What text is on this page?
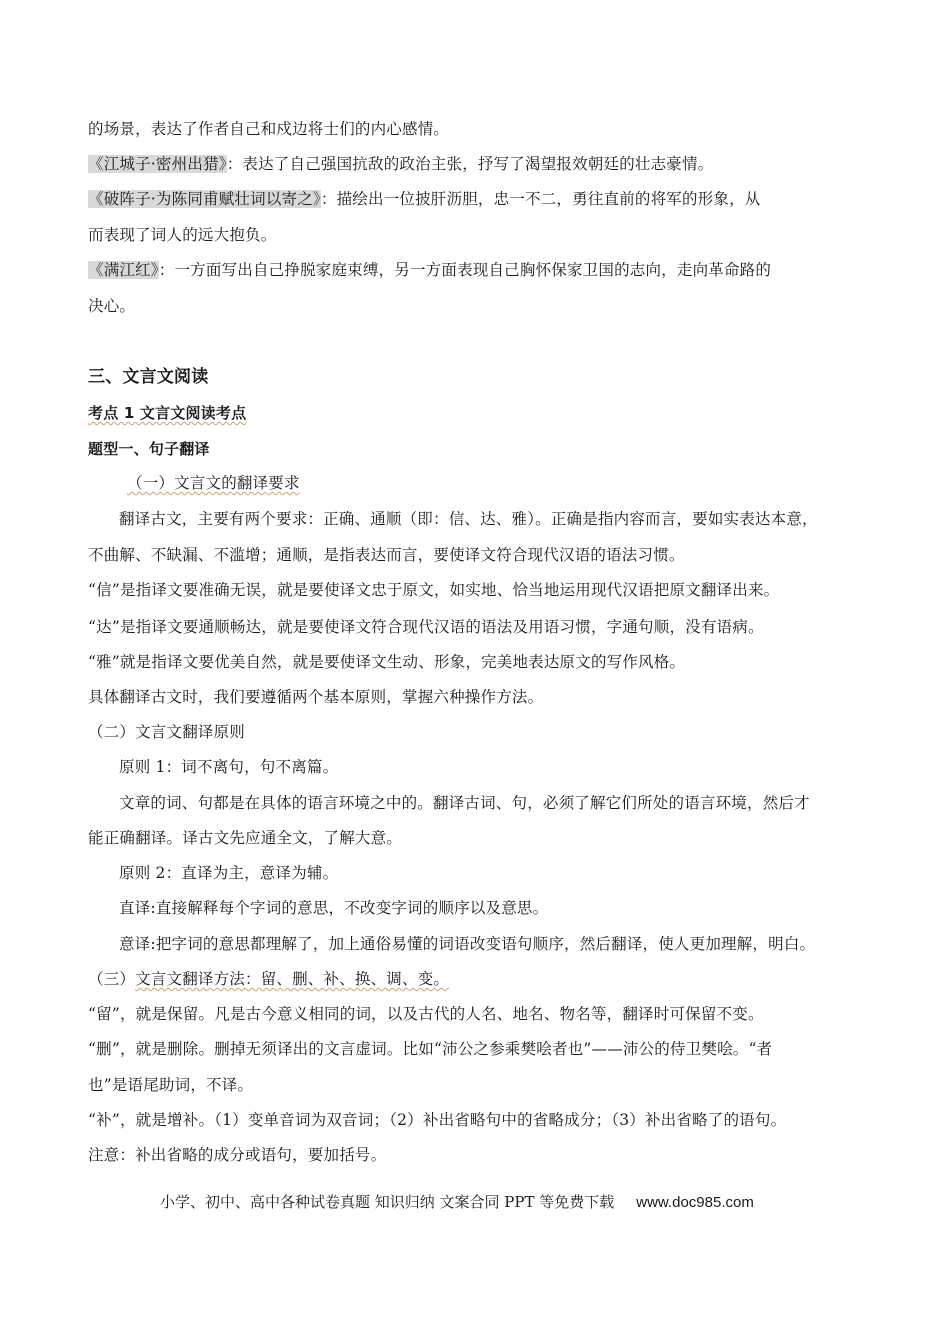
的场景，表达了作者自己和戍边将士们的内心感情。
《江城子·密州出猎》：表达了自己强国抗敌的政治主张，抒写了渴望报效朝廷的壮志豪情。
《破阵子·为陈同甫赋壮词以寄之》：描绘出一位披肝沥胆，忠一不二，勇往直前的将军的形象，从
而表现了词人的远大抱负。
《满江红》：一方面写出自己挣脱家庭束缚，另一方面表现自己胸怀保家卫国的志向，走向革命路的
决心。
三、文言文阅读
考点 1 文言文阅读考点
题型一、句子翻译
（一）文言文的翻译要求
翻译古文，主要有两个要求：正确、通顺（即：信、达、雅）。正确是指内容而言，要如实表达本意，
不曲解、不缺漏、不滥增；通顺，是指表达而言，要使译文符合现代汉语的语法习惯。
“信”是指译文要准确无误，就是要使译文忠于原文，如实地、恰当地运用现代汉语把原文翻译出来。
“达”是指译文要通顺畅达，就是要使译文符合现代汉语的语法及用语习惯，字通句顺，没有语病。
“雅”就是指译文要优美自然，就是要使译文生动、形象，完美地表达原文的写作风格。
具体翻译古文时，我们要遵循两个基本原则，掌握六种操作方法。
（二）文言文翻译原则
原则 1：词不离句，句不离篇。
文章的词、句都是在具体的语言环境之中的。翻译古词、句，必须了解它们所处的语言环境，然后才
能正确翻译。译古文先应通全文，了解大意。
原则 2：直译为主，意译为辅。
直译:直接解释每个字词的意思，不改变字词的顺序以及意思。
意译:把字词的意思都理解了，加上通俗易懂的词语改变语句顺序，然后翻译，使人更加理解，明白。
（三）文言文翻译方法：留、删、补、换、调、变。
“留”，就是保留。凡是古今意义相同的词，以及古代的人名、地名、物名等，翻译时可保留不变。
“删”，就是删除。删掉无须译出的文言虚词。比如“沛公之参乘樊哙者也”——沛公的侍卫樊哙。“者
也”是语尾助词，不译。
“补”，就是增补。（1）变单音词为双音词；（2）补出省略句中的省略成分；（3）补出省略了的语句。
注意：补出省略的成分或语句，要加括号。
小学、初中、高中各种试卷真题 知识归纳 文案合同 PPT 等免费下载 www.doc985.com
